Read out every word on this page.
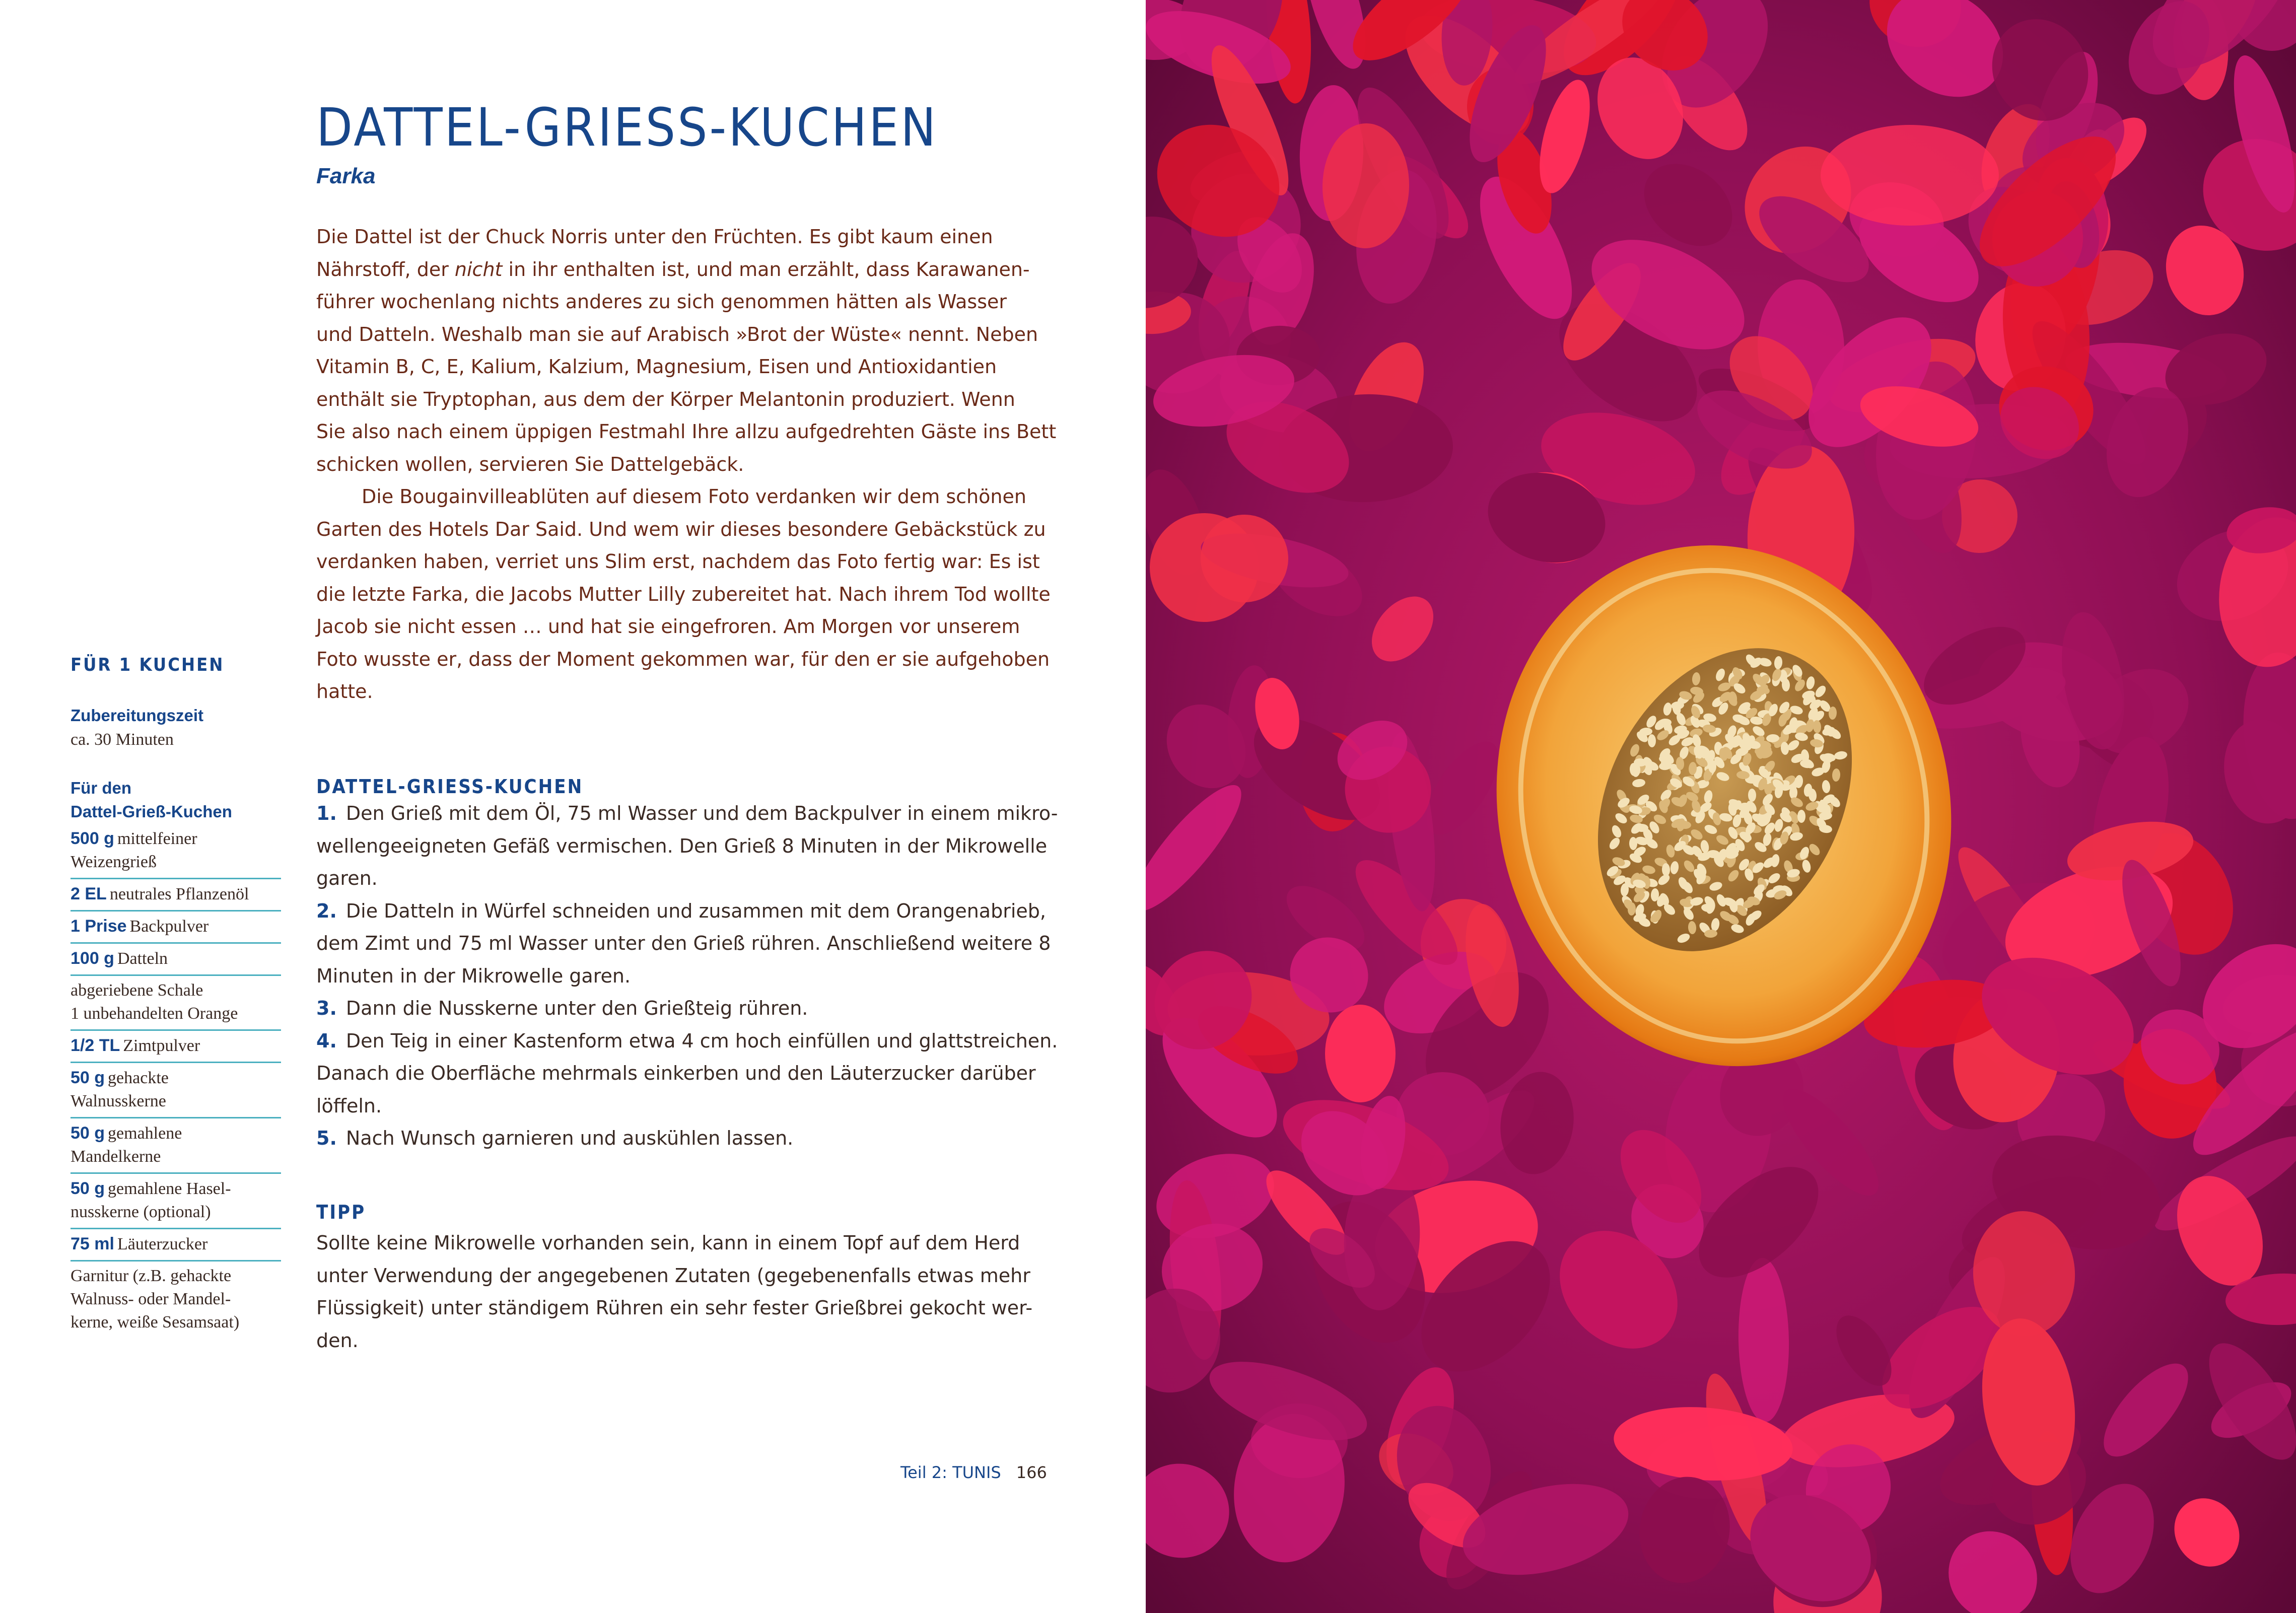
DATTEL-GRIESS-KUCHEN
Farka

Die Dattel ist der Chuck Norris unter den Früchten. Es gibt kaum einen
Nährstoff, der nicht in ihr enthalten ist, und man erzählt, dass Karawanen-
führer wochenlang nichts anderes zu sich genommen hätten als Wasser
und Datteln. Weshalb man sie auf Arabisch »Brot der Wüste« nennt. Neben
Vitamin B, C, E, Kalium, Kalzium, Magnesium, Eisen und Antioxidantien
enthält sie Tryptophan, aus dem der Körper Melantonin produziert. Wenn
Sie also nach einem üppigen Festmahl Ihre allzu aufgedrehten Gäste ins Bett
schicken wollen, servieren Sie Dattelgebäck.

Die Bougainvilleablüten auf diesem Foto verdanken wir dem schönen
Garten des Hotels Dar Said. Und wem wir dieses besondere Gebäckstück zu
verdanken haben, verriet uns Slim erst, nachdem das Foto fertig war: Es ist
die letzte Farka, die Jacobs Mutter Lilly zubereitet hat. Nach ihrem Tod wollte
Jacob sie nicht essen … und hat sie eingefroren. Am Morgen vor unserem
Foto wusste er, dass der Moment gekommen war, für den er sie aufgehoben
hatte.

DATTEL-GRIESS-KUCHEN
1. Den Grieß mit dem Öl, 75 ml Wasser und dem Backpulver in einem mikro-
wellengeeigneten Gefäß vermischen. Den Grieß 8 Minuten in der Mikrowelle
garen.
2. Die Datteln in Würfel schneiden und zusammen mit dem Orangenabrieb,
dem Zimt und 75 ml Wasser unter den Grieß rühren. Anschließend weitere 8
Minuten in der Mikrowelle garen.
3. Dann die Nusskerne unter den Grießteig rühren.
4. Den Teig in einer Kastenform etwa 4 cm hoch einfüllen und glattstreichen.
Danach die Oberfläche mehrmals einkerben und den Läuterzucker darüber
löffeln.
5. Nach Wunsch garnieren und auskühlen lassen.
TIPP
Sollte keine Mikrowelle vorhanden sein, kann in einem Topf auf dem Herd
unter Verwendung der angegebenen Zutaten (gegebenenfalls etwas mehr
Flüssigkeit) unter ständigem Rühren ein sehr fester Grießbrei gekocht wer-
den.
FÜR 1 KUCHEN
Zubereitungszeit
ca. 30 Minuten
Für den
Dattel-Grieß-Kuchen
500 g mittelfeiner
Weizengrieß
2 EL neutrales Pflanzenöl
1 Prise Backpulver
100 g Datteln
abgeriebene Schale
1 unbehandelten Orange
1/2 TL Zimtpulver
50 g gehackte
Walnusskerne
50 g gemahlene
Mandelkerne
50 g gemahlene Hasel-
nusskerne (optional)
75 ml Läuterzucker
Garnitur (z.B. gehackte
Walnuss- oder Mandel-
kerne, weiße Sesamsaat)
Teil 2: TUNIS 166
